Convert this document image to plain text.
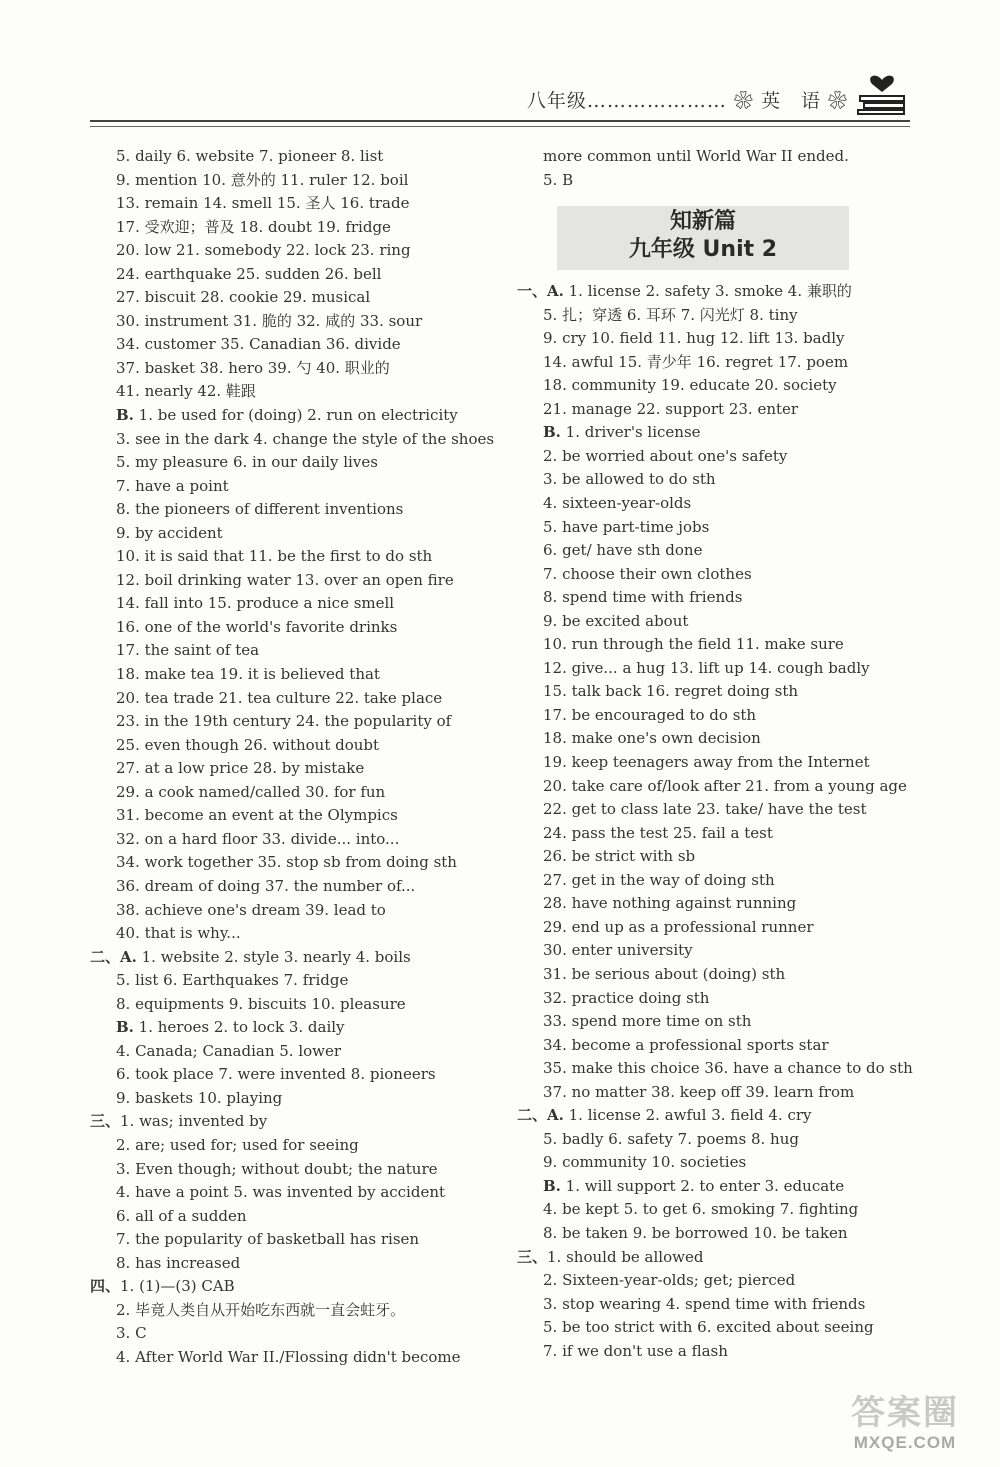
八年级………………… ❀ 英　语 ❀
5. daily 6. website 7. pioneer 8. list
9. mention 10. 意外的 11. ruler 12. boil
13. remain 14. smell 15. 圣人 16. trade
17. 受欢迎；普及 18. doubt 19. fridge
20. low 21. somebody 22. lock 23. ring
24. earthquake 25. sudden 26. bell
27. biscuit 28. cookie 29. musical
30. instrument 31. 脆的 32. 咸的 33. sour
34. customer 35. Canadian 36. divide
37. basket 38. hero 39. 勺 40. 职业的
41. nearly 42. 鞋跟
B. 1. be used for (doing) 2. run on electricity
3. see in the dark 4. change the style of the shoes
5. my pleasure 6. in our daily lives
7. have a point
8. the pioneers of different inventions
9. by accident
10. it is said that 11. be the first to do sth
12. boil drinking water 13. over an open fire
14. fall into 15. produce a nice smell
16. one of the world's favorite drinks
17. the saint of tea
18. make tea 19. it is believed that
20. tea trade 21. tea culture 22. take place
23. in the 19th century 24. the popularity of
25. even though 26. without doubt
27. at a low price 28. by mistake
29. a cook named/called 30. for fun
31. become an event at the Olympics
32. on a hard floor 33. divide... into...
34. work together 35. stop sb from doing sth
36. dream of doing 37. the number of...
38. achieve one's dream 39. lead to
40. that is why...
二、A. 1. website 2. style 3. nearly 4. boils
5. list 6. Earthquakes 7. fridge
8. equipments 9. biscuits 10. pleasure
B. 1. heroes 2. to lock 3. daily
4. Canada; Canadian 5. lower
6. took place 7. were invented 8. pioneers
9. baskets 10. playing
三、1. was; invented by
2. are; used for; used for seeing
3. Even though; without doubt; the nature
4. have a point 5. was invented by accident
6. all of a sudden
7. the popularity of basketball has risen
8. has increased
四、1. (1)—(3) CAB
2. 毕竟人类自从开始吃东西就一直会蛀牙。
3. C
4. After World War II./Flossing didn't become
more common until World War II ended.
5. B
知新篇
九年级 Unit 2
一、A. 1. license 2. safety 3. smoke 4. 兼职的
5. 扎；穿透 6. 耳环 7. 闪光灯 8. tiny
9. cry 10. field 11. hug 12. lift 13. badly
14. awful 15. 青少年 16. regret 17. poem
18. community 19. educate 20. society
21. manage 22. support 23. enter
B. 1. driver's license
2. be worried about one's safety
3. be allowed to do sth
4. sixteen-year-olds
5. have part-time jobs
6. get/ have sth done
7. choose their own clothes
8. spend time with friends
9. be excited about
10. run through the field 11. make sure
12. give... a hug 13. lift up 14. cough badly
15. talk back 16. regret doing sth
17. be encouraged to do sth
18. make one's own decision
19. keep teenagers away from the Internet
20. take care of/look after 21. from a young age
22. get to class late 23. take/ have the test
24. pass the test 25. fail a test
26. be strict with sb
27. get in the way of doing sth
28. have nothing against running
29. end up as a professional runner
30. enter university
31. be serious about (doing) sth
32. practice doing sth
33. spend more time on sth
34. become a professional sports star
35. make this choice 36. have a chance to do sth
37. no matter 38. keep off 39. learn from
二、A. 1. license 2. awful 3. field 4. cry
5. badly 6. safety 7. poems 8. hug
9. community 10. societies
B. 1. will support 2. to enter 3. educate
4. be kept 5. to get 6. smoking 7. fighting
8. be taken 9. be borrowed 10. be taken
三、1. should be allowed
2. Sixteen-year-olds; get; pierced
3. stop wearing 4. spend time with friends
5. be too strict with 6. excited about seeing
7. if we don't use a flash
答案圈
MXQE.COM
